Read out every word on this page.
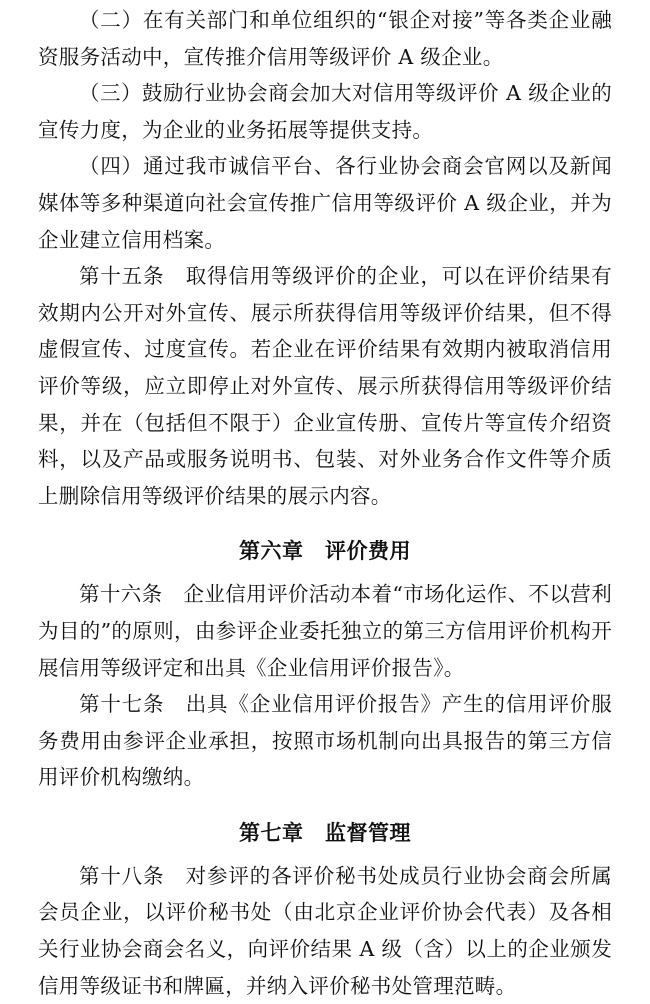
（二）在有关部门和单位组织的“银企对接”等各类企业融资服务活动中，宣传推介信用等级评价 A 级企业。

（三）鼓励行业协会商会加大对信用等级评价 A 级企业的宣传力度，为企业的业务拓展等提供支持。

（四）通过我市诚信平台、各行业协会商会官网以及新闻媒体等多种渠道向社会宣传推广信用等级评价 A 级企业，并为企业建立信用档案。

第十五条　取得信用等级评价的企业，可以在评价结果有效期内公开对外宣传、展示所获得信用等级评价结果，但不得虚假宣传、过度宣传。若企业在评价结果有效期内被取消信用评价等级，应立即停止对外宣传、展示所获得信用等级评价结果，并在（包括但不限于）企业宣传册、宣传片等宣传介绍资料，以及产品或服务说明书、包装、对外业务合作文件等介质上删除信用等级评价结果的展示内容。

第六章　评价费用

第十六条　企业信用评价活动本着“市场化运作、不以营利为目的”的原则，由参评企业委托独立的第三方信用评价机构开展信用等级评定和出具《企业信用评价报告》。

第十七条　出具《企业信用评价报告》产生的信用评价服务费用由参评企业承担，按照市场机制向出具报告的第三方信用评价机构缴纳。

第七章　监督管理

第十八条　对参评的各评价秘书处成员行业协会商会所属会员企业，以评价秘书处（由北京企业评价协会代表）及各相关行业协会商会名义，向评价结果 A 级（含）以上的企业颁发信用等级证书和牌匾，并纳入评价秘书处管理范畴。
